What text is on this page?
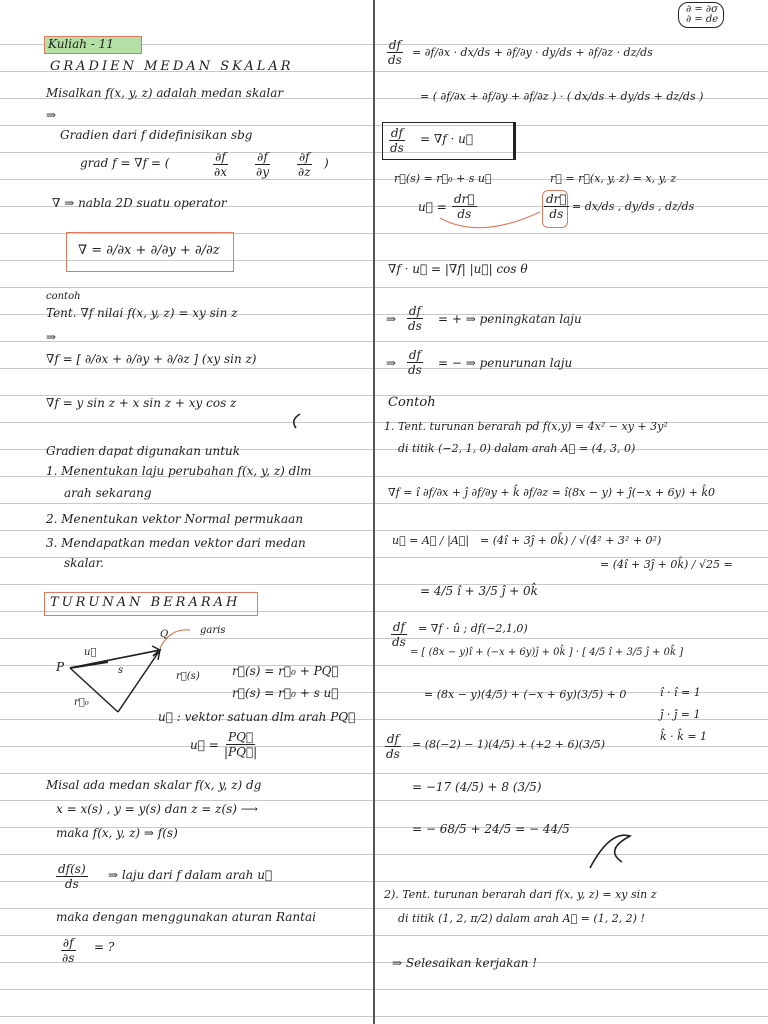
∂ = ∂σ
∂ = de
Kuliah - 11
GRADIEN MEDAN SKALAR
Misalkan f(x, y, z) adalah medan skalar
⇒
Gradien dari f didefinisikan sbg
grad f = ∇f = (	$\frac{\partial f}{\partial x} \frac{\partial f}{\partial y} \frac{\partial f}{\partial z}$ )
∇ ⇒ nabla 2D suatu operator
∇ = ∂/∂x + ∂/∂y + ∂/∂z
contoh
Tent. ∇f nilai f(x, y, z) = xy sin z
⇒
∇f = [ ∂/∂x + ∂/∂y + ∂/∂z ] (xy sin z)
∇f = y sin z + x sin z + xy cos z
Gradien dapat digunakan untuk
1. Menentukan laju perubahan f(x, y, z) dlm
arah sekarang
2. Menentukan vektor Normal permukaan
3. Mendapatkan medan vektor dari medan
skalar.
TURUNAN BERARAH
Q	garis
P
u⃗
s
r⃗₀
r⃗(s)	r⃗(s) = r⃗₀ + PQ⃗
r⃗(s) = r⃗₀ + s u⃗
u⃗ : vektor satuan dlm arah PQ⃗
u⃗ = $\frac{PQ⃗}{|PQ⃗|}$
Misal ada medan skalar f(x, y, z) dg
x = x(s) , y = y(s) dan z = z(s) ⟶
maka f(x, y, z) ⇒ f(s)
$\frac{df(s)}{ds}$ ⇒ laju dari f dalam arah u⃗
maka dengan menggunakan aturan Rantai
$\frac{\partial f}{\partial s}$ = ?
$\frac{df}{ds} = \partial f/\partial x \cdot dx/ds + \partial f/\partial y \cdot dy/ds + \partial f/\partial z \cdot dz/ds$
= ( ∂f/∂x + ∂f/∂y + ∂f/∂z ) · ( dx/ds + dy/ds + dz/ds )
$\frac{df}{ds} = \nabla f$ · u⃗
r⃗(s) = r⃗₀ + s u⃗	r⃗ = r⃗(x, y, z) = x, y, z
u⃗ = $\frac{dr⃗}{ds}$	$\frac{dr⃗}{ds} = dx/ds$ , dy/ds , dz/ds
∇f · u⃗ = |∇f| |u⃗| cos θ
⇒ $\frac{df}{ds}$ = + ⇒ peningkatan laju
⇒ $\frac{df}{ds}$ = − ⇒ penurunan laju
Contoh
1. Tent. turunan berarah pd f(x,y) = 4x² − xy + 3y²
di titik (−2, 1, 0) dalam arah A⃗ = (4, 3, 0)
∇f = î ∂f/∂x + ĵ ∂f/∂y + k̂ ∂f/∂z = î(8x − y) + ĵ(−x + 6y) + k̂0
u⃗ = A⃗ / |A⃗| = (4î + 3ĵ + 0k̂) / √(4² + 3² + 0²)
= (4î + 3ĵ + 0k̂) / √25 =
= 4/5 î + 3/5 ĵ + 0k̂
$\frac{df}{ds} = \nabla f$ · û ; df(−2,1,0)
= [ (8x − y)î + (−x + 6y)ĵ + 0k̂ ] · [ 4/5 î + 3/5 ĵ + 0k̂ ]
= (8x − y)(4/5) + (−x + 6y)(3/5) + 0	î · î = 1
ĵ · ĵ = 1
k̂ · k̂ = 1
$\frac{df}{ds} = (8(-2) - 1)(4/5) + (+2 + 6)(3/5)$
= −17 (4/5) + 8 (3/5)
= − 68/5 + 24/5 = − 44/5
2). Tent. turunan berarah dari f(x, y, z) = xy sin z
di titik (1, 2, π/2) dalam arah A⃗ = (1, 2, 2) !
⇒ Selesaikan kerjakan !
